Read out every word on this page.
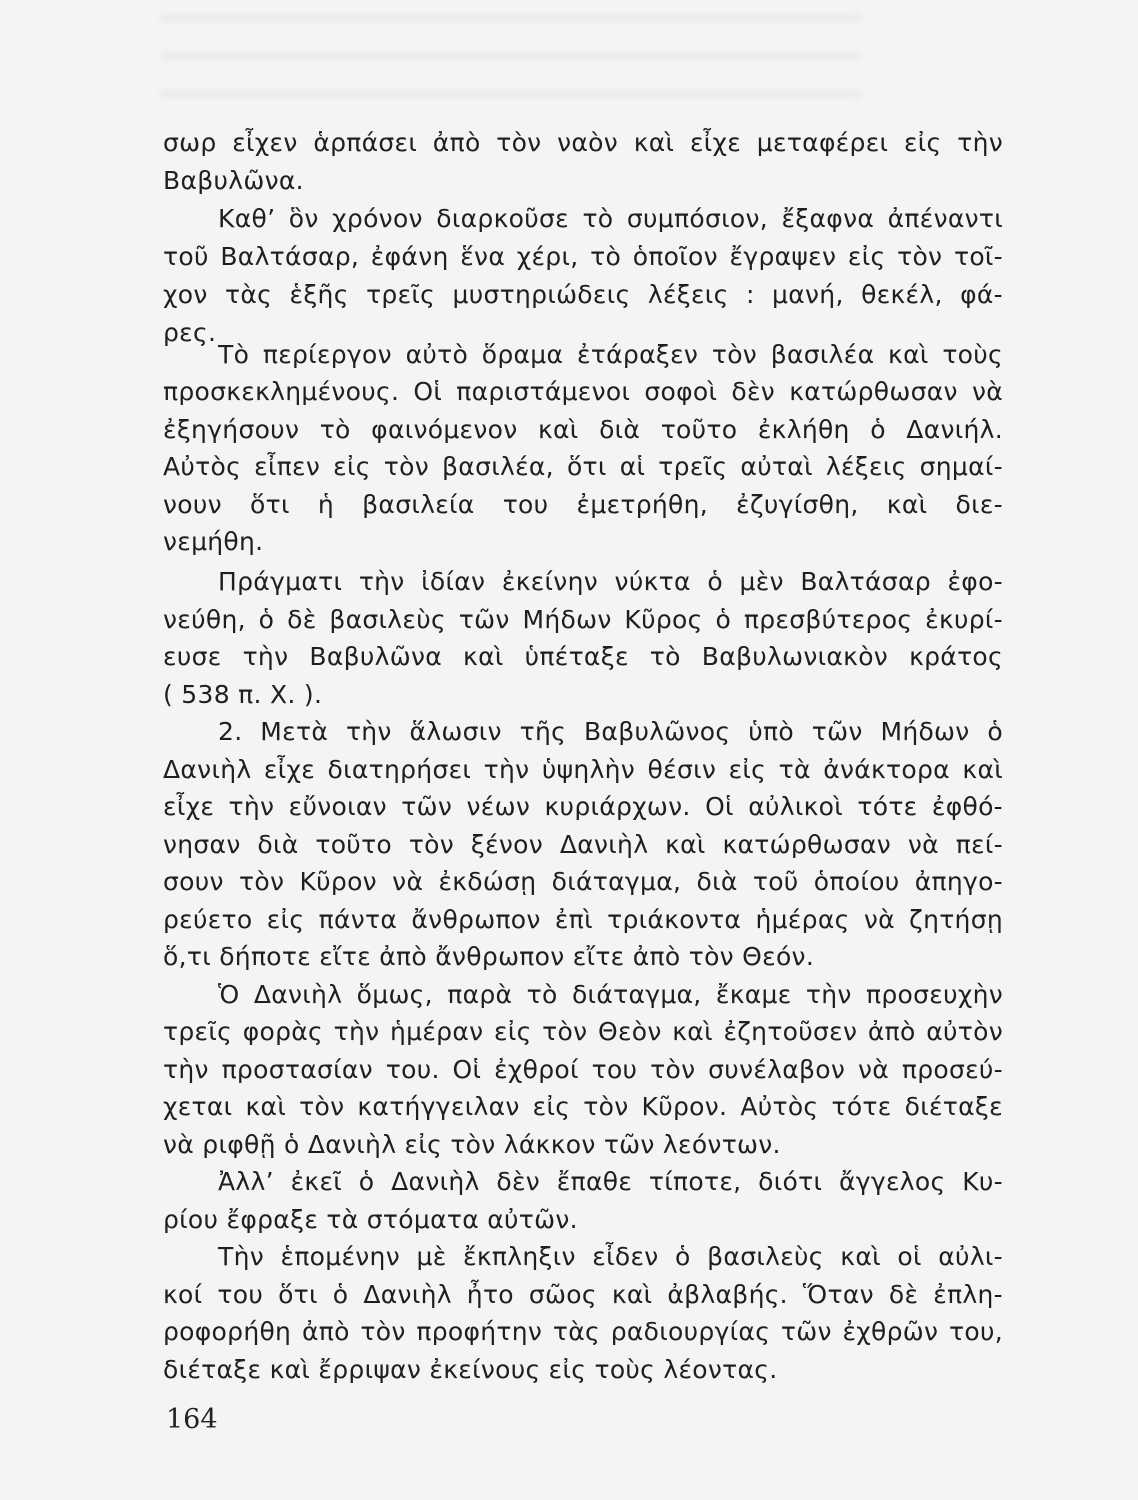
σωρ εἶχεν ἁρπάσει ἀπὸ τὸν ναὸν καὶ εἶχε μεταφέρει εἰς τὴν
Βαβυλῶνα.
Καθ’ ὃν χρόνον διαρκοῦσε τὸ συμπόσιον, ἔξαφνα ἀπέναντι
τοῦ Βαλτάσαρ, ἐφάνη ἕνα χέρι, τὸ ὁποῖον ἔγραψεν εἰς τὸν τοῖ-
χον τὰς ἑξῆς τρεῖς μυστηριώδεις λέξεις : μανή, θεκέλ, φά-
ρες.
Τὸ περίεργον αὐτὸ ὅραμα ἐτάραξεν τὸν βασιλέα καὶ τοὺς
προσκεκλημένους. Οἱ παριστάμενοι σοφοὶ δὲν κατώρθωσαν νὰ
ἐξηγήσουν τὸ φαινόμενον καὶ διὰ τοῦτο ἐκλήθη ὁ Δανιήλ.
Αὐτὸς εἶπεν εἰς τὸν βασιλέα, ὅτι αἱ τρεῖς αὐταὶ λέξεις σημαί-
νουν ὅτι ἡ βασιλεία του ἐμετρήθη, ἐζυγίσθη, καὶ διε-
νεμήθη.
Πράγματι τὴν ἰδίαν ἐκείνην νύκτα ὁ μὲν Βαλτάσαρ ἐφο-
νεύθη, ὁ δὲ βασιλεὺς τῶν Μήδων Κῦρος ὁ πρεσβύτερος ἐκυρί-
ευσε τὴν Βαβυλῶνα καὶ ὑπέταξε τὸ Βαβυλωνιακὸν κράτος
( 538 π. Χ. ).
2. Μετὰ τὴν ἅλωσιν τῆς Βαβυλῶνος ὑπὸ τῶν Μήδων ὁ
Δανιὴλ εἶχε διατηρήσει τὴν ὑψηλὴν θέσιν εἰς τὰ ἀνάκτορα καὶ
εἶχε τὴν εὔνοιαν τῶν νέων κυριάρχων. Οἱ αὐλικοὶ τότε ἐφθό-
νησαν διὰ τοῦτο τὸν ξένον Δανιὴλ καὶ κατώρθωσαν νὰ πεί-
σουν τὸν Κῦρον νὰ ἐκδώσῃ διάταγμα, διὰ τοῦ ὁποίου ἀπηγο-
ρεύετο εἰς πάντα ἄνθρωπον ἐπὶ τριάκοντα ἡμέρας νὰ ζητήσῃ
ὅ,τι δήποτε εἴτε ἀπὸ ἄνθρωπον εἴτε ἀπὸ τὸν Θεόν.
Ὁ Δανιὴλ ὅμως, παρὰ τὸ διάταγμα, ἔκαμε τὴν προσευχὴν
τρεῖς φορὰς τὴν ἡμέραν εἰς τὸν Θεὸν καὶ ἐζητοῦσεν ἀπὸ αὐτὸν
τὴν προστασίαν του. Οἱ ἐχθροί του τὸν συνέλαβον νὰ προσεύ-
χεται καὶ τὸν κατήγγειλαν εἰς τὸν Κῦρον. Αὐτὸς τότε διέταξε
νὰ ριφθῇ ὁ Δανιὴλ εἰς τὸν λάκκον τῶν λεόντων.
Ἀλλ’ ἐκεῖ ὁ Δανιὴλ δὲν ἔπαθε τίποτε, διότι ἄγγελος Κυ-
ρίου ἔφραξε τὰ στόματα αὐτῶν.
Τὴν ἑπομένην μὲ ἔκπληξιν εἶδεν ὁ βασιλεὺς καὶ οἱ αὐλι-
κοί του ὅτι ὁ Δανιὴλ ἦτο σῶος καὶ ἀβλαβής. Ὅταν δὲ ἐπλη-
ροφορήθη ἀπὸ τὸν προφήτην τὰς ραδιουργίας τῶν ἐχθρῶν του,
διέταξε καὶ ἔρριψαν ἐκείνους εἰς τοὺς λέοντας.
164
